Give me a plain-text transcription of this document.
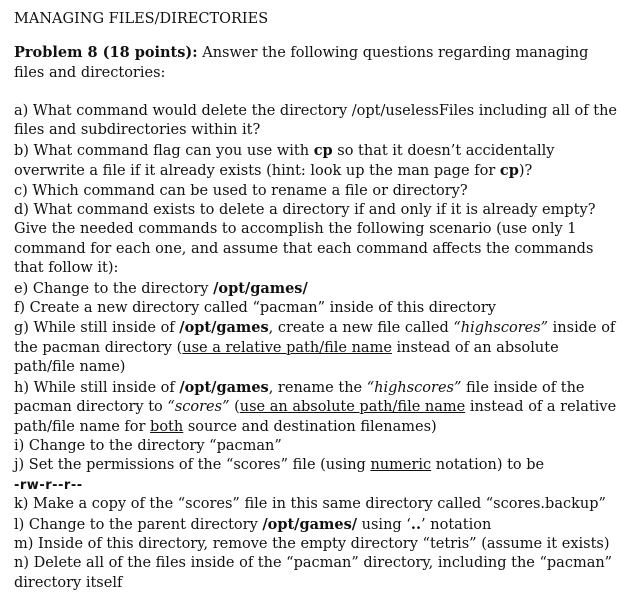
MANAGING FILES/DIRECTORIES
Problem 8 (18 points): Answer the following questions regarding managing files and directories:
a) What command would delete the directory /opt/uselessFiles including all of the files and subdirectories within it?
b) What command flag can you use with cp so that it doesn’t accidentally overwrite a file if it already exists (hint: look up the man page for cp)?
c) Which command can be used to rename a file or directory?
d) What command exists to delete a directory if and only if it is already empty?
Give the needed commands to accomplish the following scenario (use only 1 command for each one, and assume that each command affects the commands that follow it):
e) Change to the directory /opt/games/
f) Create a new directory called “pacman” inside of this directory
g) While still inside of /opt/games, create a new file called “highscores” inside of the pacman directory (use a relative path/file name instead of an absolute path/file name)
h) While still inside of /opt/games, rename the “highscores” file inside of the pacman directory to “scores” (use an absolute path/file name instead of a relative path/file name for both source and destination filenames)
i) Change to the directory “pacman”
j) Set the permissions of the “scores” file (using numeric notation) to be
-rw-r--r--
k) Make a copy of the “scores” file in this same directory called “scores.backup”
l) Change to the parent directory /opt/games/ using ‘..’ notation
m) Inside of this directory, remove the empty directory “tetris” (assume it exists)
n) Delete all of the files inside of the “pacman” directory, including the “pacman” directory itself
